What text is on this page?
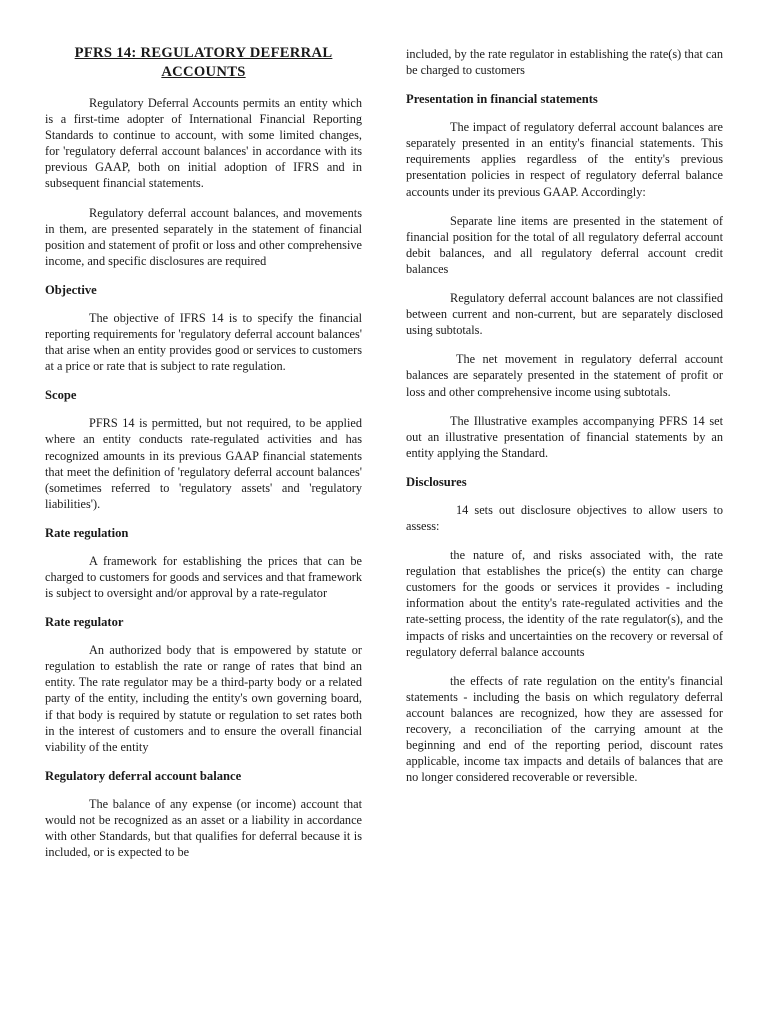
PFRS 14: REGULATORY DEFERRAL ACCOUNTS

Regulatory Deferral Accounts permits an entity which is a first-time adopter of International Financial Reporting Standards to continue to account, with some limited changes, for 'regulatory deferral account balances' in accordance with its previous GAAP, both on initial adoption of IFRS and in subsequent financial statements.

Regulatory deferral account balances, and movements in them, are presented separately in the statement of financial position and statement of profit or loss and other comprehensive income, and specific disclosures are required

Objective

The objective of IFRS 14 is to specify the financial reporting requirements for 'regulatory deferral account balances' that arise when an entity provides good or services to customers at a price or rate that is subject to rate regulation.

Scope

PFRS 14 is permitted, but not required, to be applied where an entity conducts rate-regulated activities and has recognized amounts in its previous GAAP financial statements that meet the definition of 'regulatory deferral account balances' (sometimes referred to 'regulatory assets' and 'regulatory liabilities').

Rate regulation

A framework for establishing the prices that can be charged to customers for goods and services and that framework is subject to oversight and/or approval by a rate-regulator

Rate regulator

An authorized body that is empowered by statute or regulation to establish the rate or range of rates that bind an entity. The rate regulator may be a third-party body or a related party of the entity, including the entity's own governing board, if that body is required by statute or regulation to set rates both in the interest of customers and to ensure the overall financial viability of the entity

Regulatory deferral account balance

The balance of any expense (or income) account that would not be recognized as an asset or a liability in accordance with other Standards, but that qualifies for deferral because it is included, or is expected to be

included, by the rate regulator in establishing the rate(s) that can be charged to customers

Presentation in financial statements

The impact of regulatory deferral account balances are separately presented in an entity's financial statements. This requirements applies regardless of the entity's previous presentation policies in respect of regulatory deferral balance accounts under its previous GAAP. Accordingly:

Separate line items are presented in the statement of financial position for the total of all regulatory deferral account debit balances, and all regulatory deferral account credit balances

Regulatory deferral account balances are not classified between current and non-current, but are separately disclosed using subtotals.

The net movement in regulatory deferral account balances are separately presented in the statement of profit or loss and other comprehensive income using subtotals.

The Illustrative examples accompanying PFRS 14 set out an illustrative presentation of financial statements by an entity applying the Standard.

Disclosures

14 sets out disclosure objectives to allow users to assess:

the nature of, and risks associated with, the rate regulation that establishes the price(s) the entity can charge customers for the goods or services it provides - including information about the entity's rate-regulated activities and the rate-setting process, the identity of the rate regulator(s), and the impacts of risks and uncertainties on the recovery or reversal of regulatory deferral balance accounts

the effects of rate regulation on the entity's financial statements - including the basis on which regulatory deferral account balances are recognized, how they are assessed for recovery, a reconciliation of the carrying amount at the beginning and end of the reporting period, discount rates applicable, income tax impacts and details of balances that are no longer considered recoverable or reversible.
